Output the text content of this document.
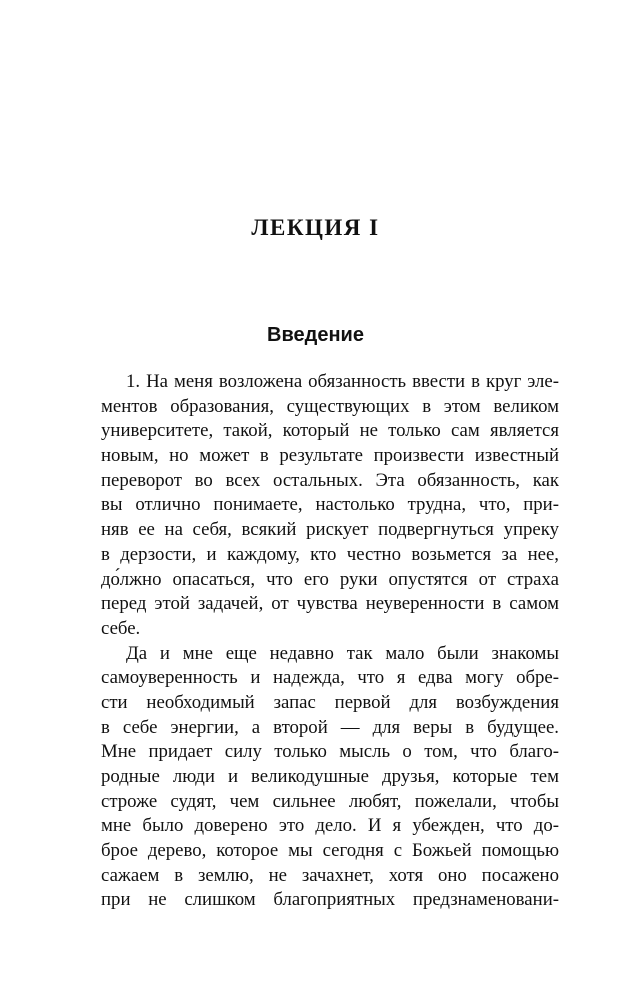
ЛЕКЦИЯ I
Введение
1. На меня возложена обязанность ввести в круг эле-
ментов образования, существующих в этом великом
университете, такой, который не только сам является
новым, но может в результате произвести известный
переворот во всех остальных. Эта обязанность, как
вы отлично понимаете, настолько трудна, что, при-
няв ее на себя, всякий рискует подвергнуться упреку
в дерзости, и каждому, кто честно возьмется за нее,
до́лжно опасаться, что его руки опустятся от страха
перед этой задачей, от чувства неуверенности в самом
себе.
Да и мне еще недавно так мало были знакомы
самоуверенность и надежда, что я едва могу обре-
сти необходимый запас первой для возбуждения
в себе энергии, а второй — для веры в будущее.
Мне придает силу только мысль о том, что благо-
родные люди и великодушные друзья, которые тем
строже судят, чем сильнее любят, пожелали, чтобы
мне было доверено это дело. И я убежден, что до-
брое дерево, которое мы сегодня с Божьей помощью
сажаем в землю, не зачахнет, хотя оно посажено
при не слишком благоприятных предзнаменовани-
